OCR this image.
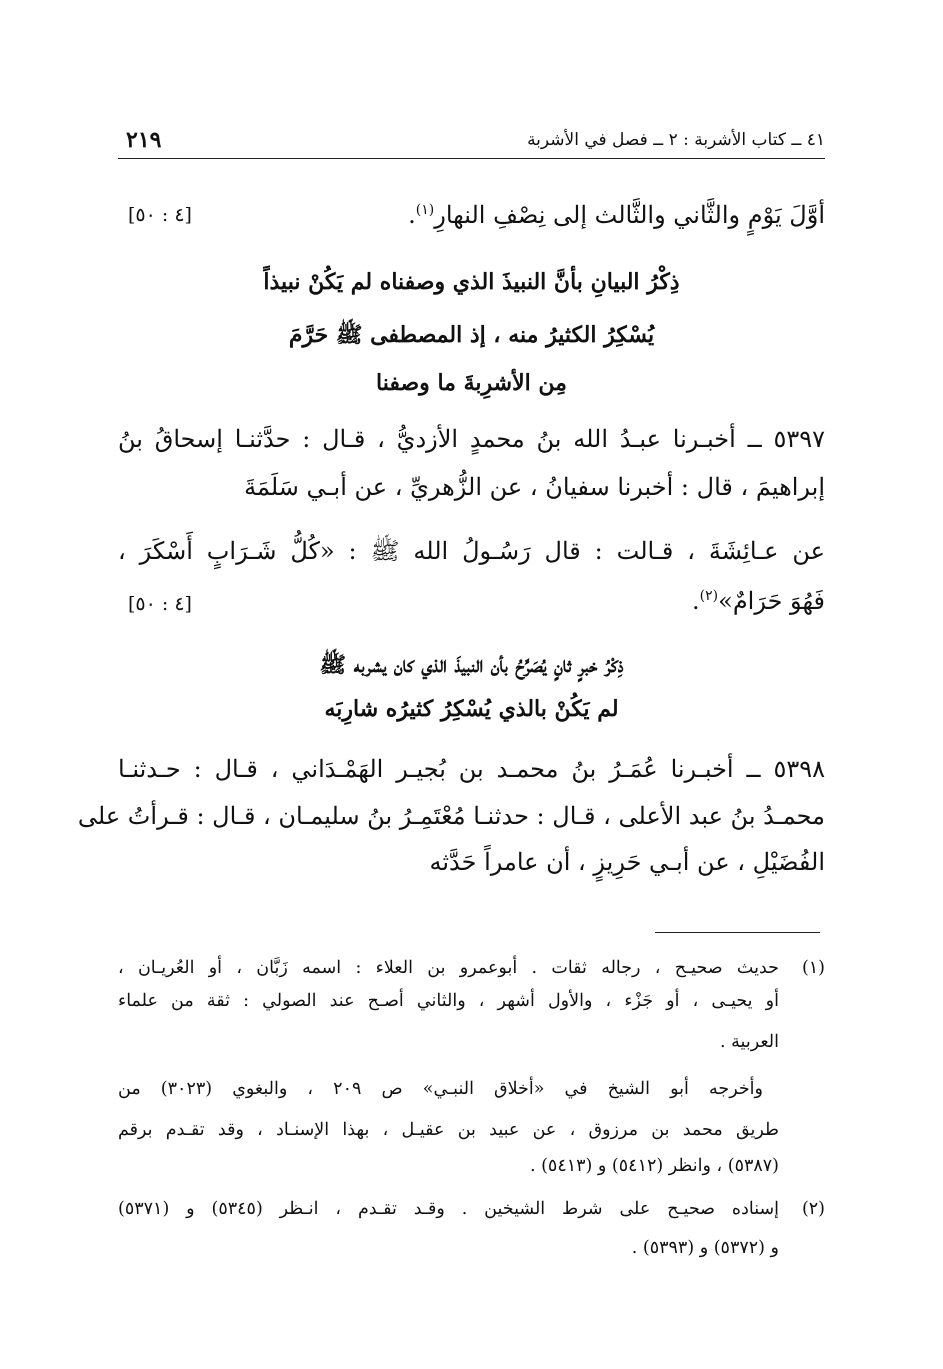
٤١ ــ كتاب الأشربة : ٢ ــ فصل في الأشربة
٢١٩
أوَّلَ يَوْمٍ والثَّاني والثَّالث إلى نِصْفِ النهارِ$^{(١)}$.
[٤ : ٥٠]
ذِكْرُ البيانِ بأنَّ النبيذَ الذي وصفناه لم يَكُنْ نبيذاً
يُسْكِرُ الكثيرُ منه ، إذ المصطفى ﷺ حَرَّمَ
مِن الأشرِبةَ ما وصفنا
٥٣٩٧ ــ أخبـرنا عبـدُ الله بنُ محمدٍ الأزديُّ ، قـال : حدَّثنـا إسحاقُ بنُ
إبراهيمَ ، قال : أخبرنا سفيانُ ، عن الزُّهريِّ ، عن أبـي سَلَمَةَ
عن عـائِشَةَ ، قـالت : قال رَسُـولُ الله ﷺ : «كُلُّ شَـرَابٍ أَسْكَرَ ،
فَهُوَ حَرَامٌ»$^{(٢)}$.
[٤ : ٥٠]
ذِكْرُ خبرٍ ثانٍ يُصَرِّحُ بأن النبيذَ الذي كان يشربه ﷺ
لم يَكُنْ بالذي يُسْكِرُ كثيرُه شارِبَه
٥٣٩٨ ــ أخبـرنا عُمَـرُ بنُ محمـد بن بُجيـر الهَمْـدَاني ، قـال : حـدثنـا
محمـدُ بنُ عبد الأعلى ، قـال : حدثنـا مُعْتَمِـرُ بنُ سليمـان ، قـال : قـرأتُ على
الفُضَيْلِ ، عن أبـي حَرِيزٍ ، أن عامراً حَدَّثه
(١)
حديث صحيـح ، رجاله ثقات . أبوعمرو بن العلاء : اسمه زَبَّان ، أو العُريـان ،
أو يحيـى ، أو جَزْء ، والأول أشهر ، والثاني أصـح عند الصولي : ثقة من علماء
العربية .
وأخرجه أبو الشيخ في «أخلاق النبـي» ص ٢٠٩ ، والبغوي (٣٠٢٣) من
طريق محمد بن مرزوق ، عن عبيد بن عقيـل ، بهذا الإسنـاد ، وقد تقـدم برقم
(٥٣٨٧) ، وانظر (٥٤١٢) و (٥٤١٣) .
(٢)
إسناده صحيـح على شرط الشيخين . وقـد تقـدم ، انـظر (٥٣٤٥) و (٥٣٧١)
و (٥٣٧٢) و (٥٣٩٣) .
